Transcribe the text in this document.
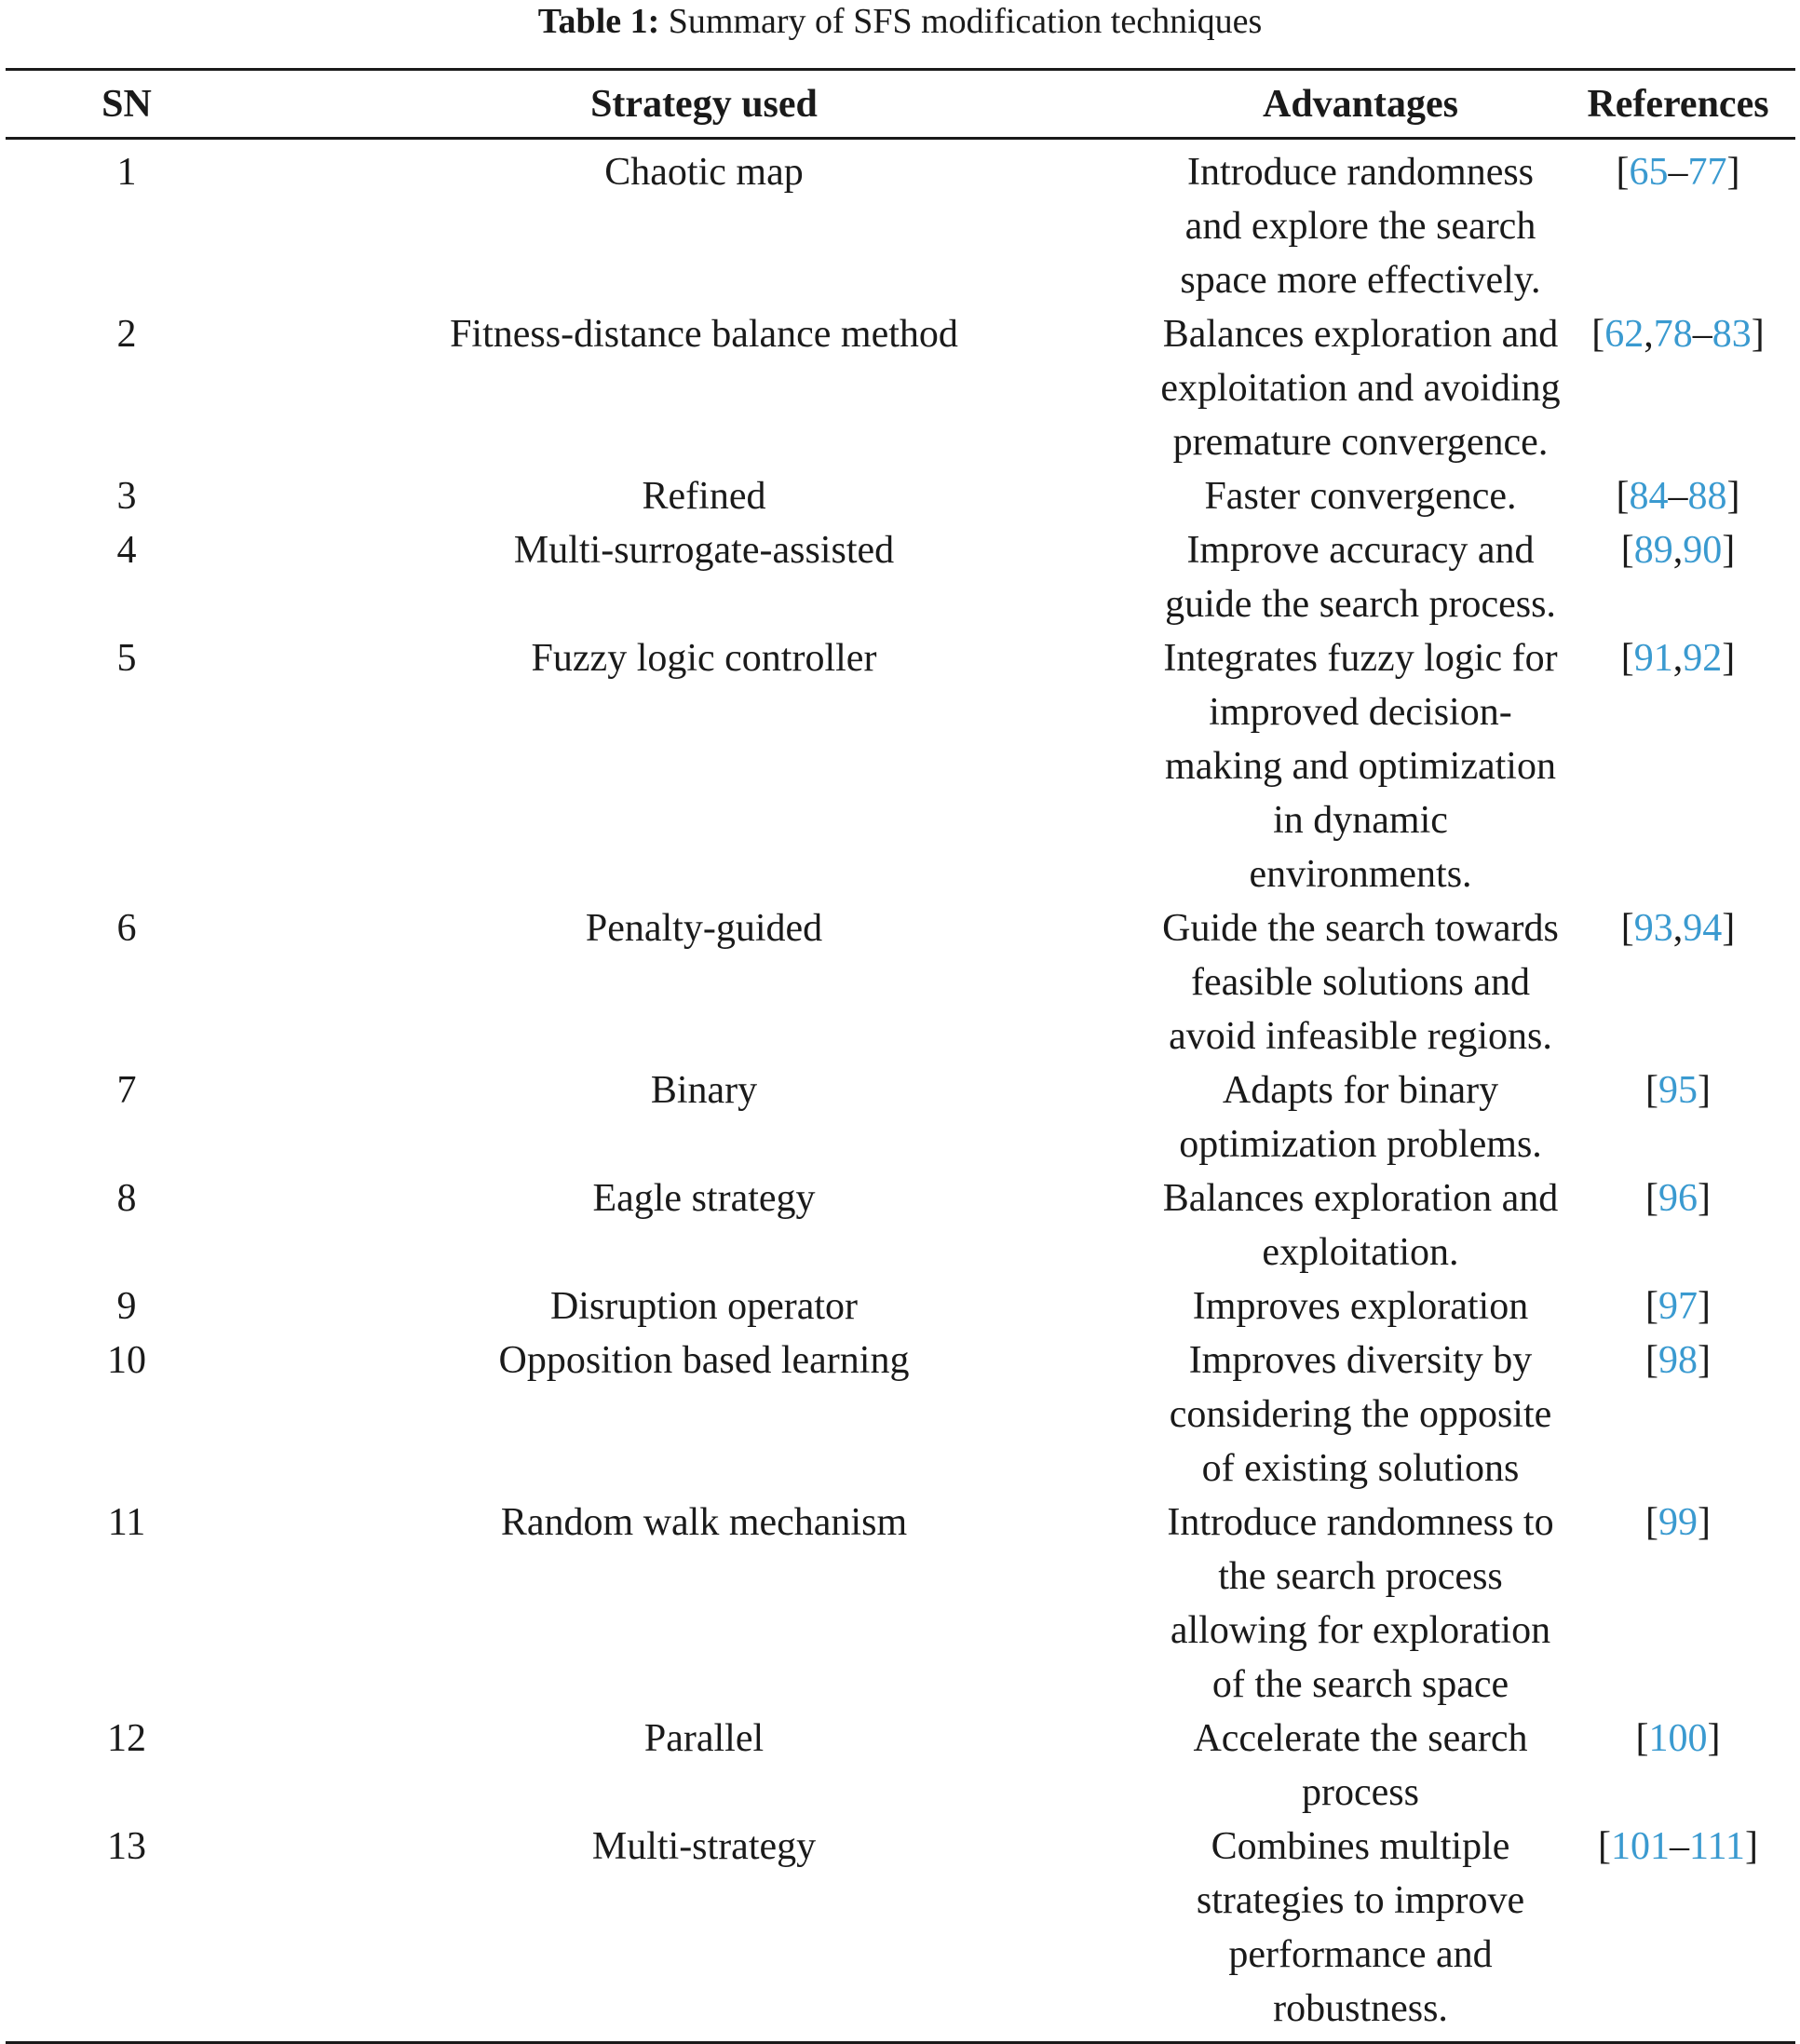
Table 1: Summary of SFS modification techniques
SN	Strategy used	Advantages	References
1	Chaotic map	Introduce randomness and explore the search space more effectively.	[65–77]
2	Fitness-distance balance method	Balances exploration and exploitation and avoiding premature convergence.	[62,78–83]
3	Refined	Faster convergence.	[84–88]
4	Multi-surrogate-assisted	Improve accuracy and guide the search process.	[89,90]
5	Fuzzy logic controller	Integrates fuzzy logic for improved decision-making and optimization in dynamic environments.	[91,92]
6	Penalty-guided	Guide the search towards feasible solutions and avoid infeasible regions.	[93,94]
7	Binary	Adapts for binary optimization problems.	[95]
8	Eagle strategy	Balances exploration and exploitation.	[96]
9	Disruption operator	Improves exploration	[97]
10	Opposition based learning	Improves diversity by considering the opposite of existing solutions	[98]
11	Random walk mechanism	Introduce randomness to the search process allowing for exploration of the search space	[99]
12	Parallel	Accelerate the search process	[100]
13	Multi-strategy	Combines multiple strategies to improve performance and robustness.	[101–111]
